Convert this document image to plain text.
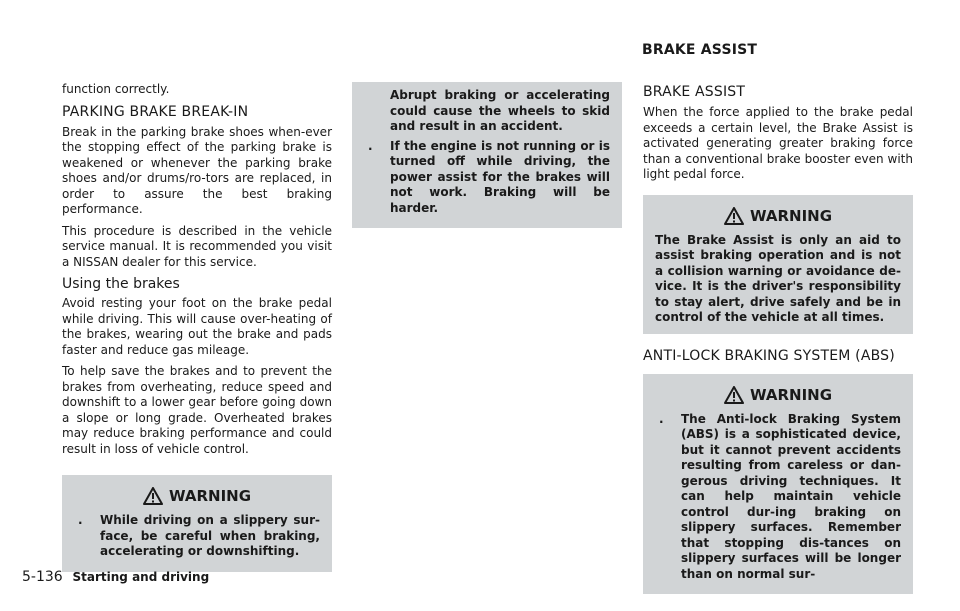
BRAKE ASSIST

function correctly.

PARKING BRAKE BREAK-IN

Break in the parking brake shoes when-ever the stopping effect of the parking brake is weakened or whenever the parking brake shoes and/or drums/ro-tors are replaced, in order to assure the best braking performance.

This procedure is described in the vehicle service manual. It is recommended you visit a NISSAN dealer for this service.

Using the brakes

Avoid resting your foot on the brake pedal while driving. This will cause over-heating of the brakes, wearing out the brake and pads faster and reduce gas mileage.

To help save the brakes and to prevent the brakes from overheating, reduce speed and downshift to a lower gear before going down a slope or long grade. Overheated brakes may reduce braking performance and could result in loss of vehicle control.

WARNING
.	While driving on a slippery sur-face, be careful when braking, accelerating or downshifting.
Abrupt braking or accelerating could cause the wheels to skid and result in an accident.
.	If the engine is not running or is turned off while driving, the power assist for the brakes will not work. Braking will be harder.
BRAKE ASSIST

When the force applied to the brake pedal exceeds a certain level, the Brake Assist is activated generating greater braking force than a conventional brake booster even with light pedal force.

WARNING
The Brake Assist is only an aid to assist braking operation and is not a collision warning or avoidance de-vice. It is the driver's responsibility to stay alert, drive safely and be in control of the vehicle at all times.
ANTI-LOCK BRAKING SYSTEM (ABS)
WARNING
.	The Anti-lock Braking System (ABS) is a sophisticated device, but it cannot prevent accidents resulting from careless or dan-gerous driving techniques. It can help maintain vehicle control dur-ing braking on slippery surfaces. Remember that stopping dis-tances on slippery surfaces will be longer than on normal sur-
5-136 Starting and driving
